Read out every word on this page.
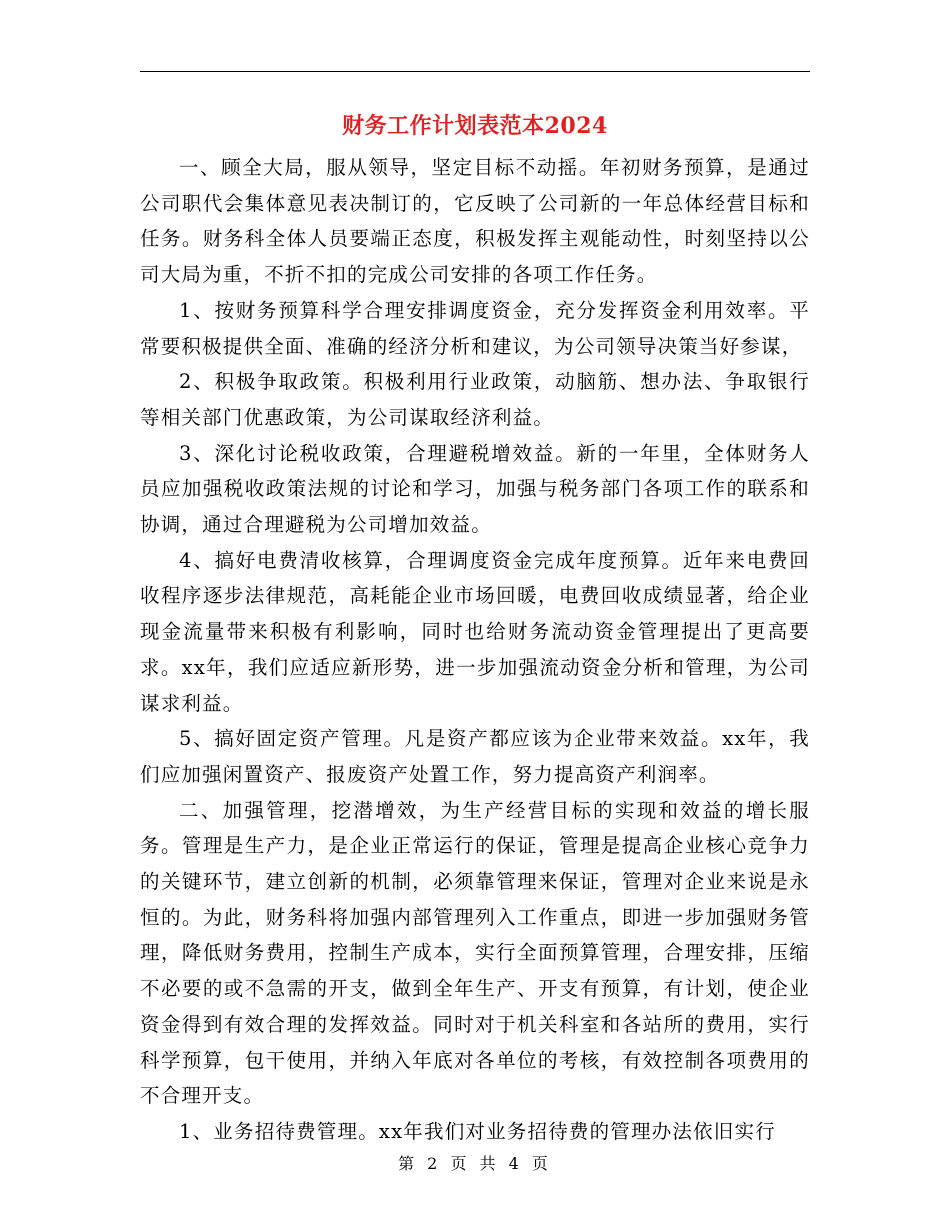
财务工作计划表范本2024

一、顾全大局，服从领导，坚定目标不动摇。年初财务预算，是通过公司职代会集体意见表决制订的，它反映了公司新的一年总体经营目标和任务。财务科全体人员要端正态度，积极发挥主观能动性，时刻坚持以公司大局为重，不折不扣的完成公司安排的各项工作任务。

1、按财务预算科学合理安排调度资金，充分发挥资金利用效率。平常要积极提供全面、准确的经济分析和建议，为公司领导决策当好参谋，

2、积极争取政策。积极利用行业政策，动脑筋、想办法、争取银行等相关部门优惠政策，为公司谋取经济利益。

3、深化讨论税收政策，合理避税增效益。新的一年里，全体财务人员应加强税收政策法规的讨论和学习，加强与税务部门各项工作的联系和协调，通过合理避税为公司增加效益。

4、搞好电费清收核算，合理调度资金完成年度预算。近年来电费回收程序逐步法律规范，高耗能企业市场回暖，电费回收成绩显著，给企业现金流量带来积极有利影响，同时也给财务流动资金管理提出了更高要求。xx年，我们应适应新形势，进一步加强流动资金分析和管理，为公司谋求利益。

5、搞好固定资产管理。凡是资产都应该为企业带来效益。xx年，我们应加强闲置资产、报废资产处置工作，努力提高资产利润率。

二、加强管理，挖潜增效，为生产经营目标的实现和效益的增长服务。管理是生产力，是企业正常运行的保证，管理是提高企业核心竞争力的关键环节，建立创新的机制，必须靠管理来保证，管理对企业来说是永恒的。为此，财务科将加强内部管理列入工作重点，即进一步加强财务管理，降低财务费用，控制生产成本，实行全面预算管理，合理安排，压缩不必要的或不急需的开支，做到全年生产、开支有预算，有计划，使企业资金得到有效合理的发挥效益。同时对于机关科室和各站所的费用，实行科学预算，包干使用，并纳入年底对各单位的考核，有效控制各项费用的不合理开支。

1、业务招待费管理。xx年我们对业务招待费的管理办法依旧实行

第 2 页 共 4 页
